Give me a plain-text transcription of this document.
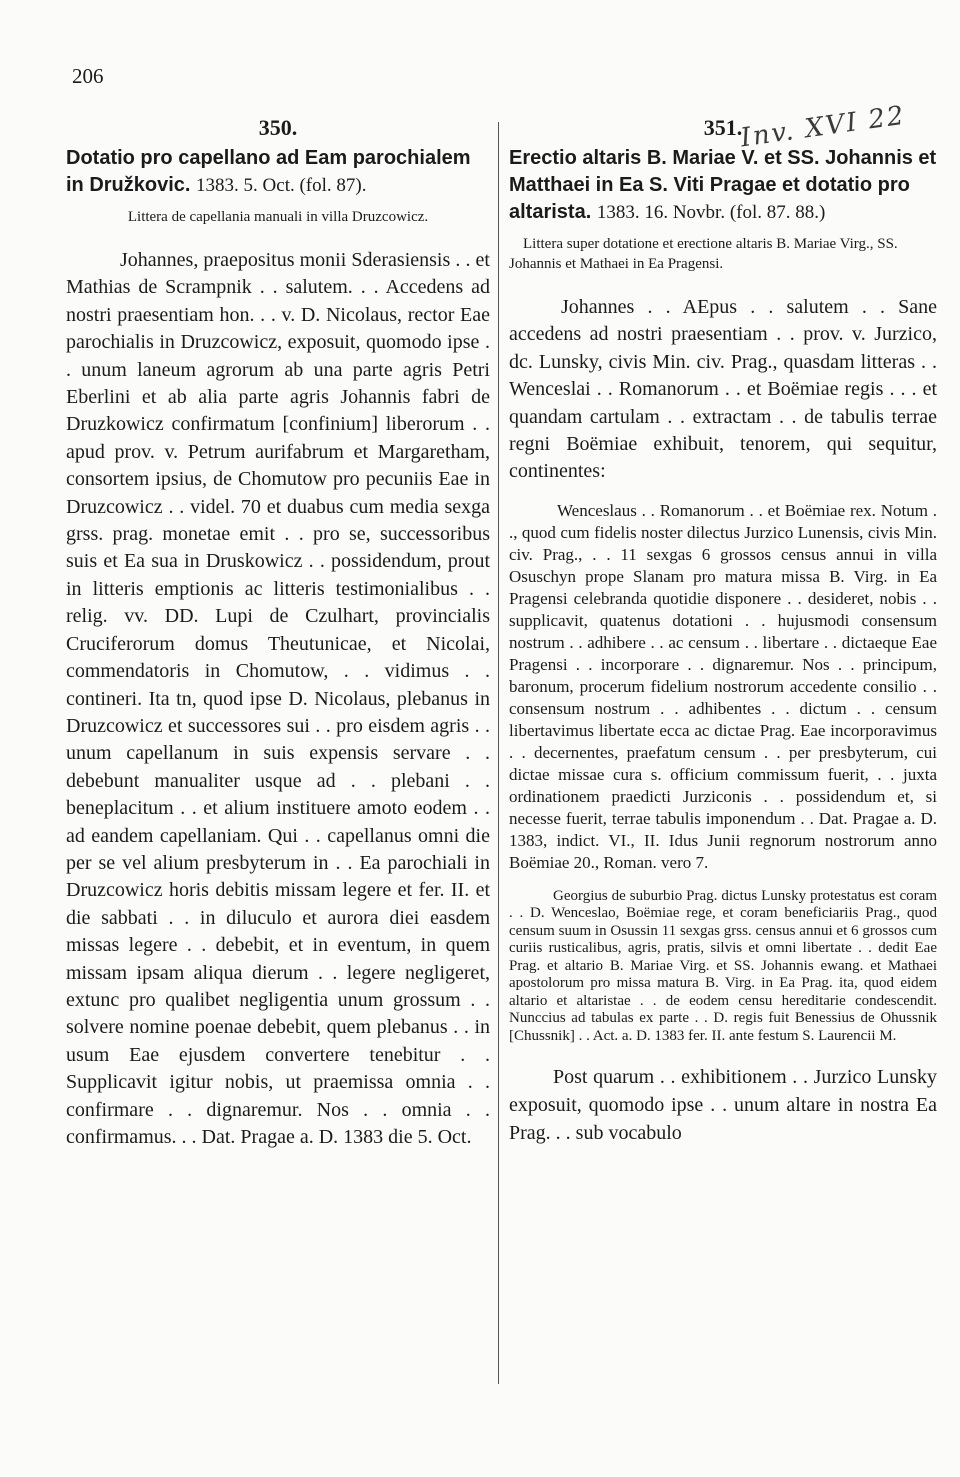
206
Inv. XVI 22
350.

Dotatio pro capellano ad Eam parochialem in Družkovic. 1383. 5. Oct. (fol. 87).

Littera de capellania manuali in villa Druzcowicz.

Johannes, praepositus monii Sderasiensis . . et Mathias de Scrampnik . . salutem. . . Accedens ad nostri praesentiam hon. . . v. D. Nicolaus, rector Eae parochialis in Druzcowicz, exposuit, quomodo ipse . . unum laneum agrorum ab una parte agris Petri Eberlini et ab alia parte agris Johannis fabri de Druzkowicz confirmatum [confinium] liberorum . . apud prov. v. Petrum aurifabrum et Margaretham, consortem ipsius, de Chomutow pro pecuniis Eae in Druzcowicz . . videl. 70 et duabus cum media sexga grss. prag. monetae emit . . pro se, successoribus suis et Ea sua in Druskowicz . . possidendum, prout in litteris emptionis ac litteris testimonialibus . . relig. vv. DD. Lupi de Czulhart, provincialis Cruciferorum domus Theutunicae, et Nicolai, commendatoris in Chomutow, . . vidimus . . contineri. Ita tn, quod ipse D. Nicolaus, plebanus in Druzcowicz et successores sui . . pro eisdem agris . . unum capellanum in suis expensis servare . . debebunt manualiter usque ad . . plebani . . beneplacitum . . et alium instituere amoto eodem . . ad eandem capellaniam. Qui . . capellanus omni die per se vel alium presbyterum in . . Ea parochiali in Druzcowicz horis debitis missam legere et fer. II. et die sabbati . . in diluculo et aurora diei easdem missas legere . . debebit, et in eventum, in quem missam ipsam aliqua dierum . . legere negligeret, extunc pro qualibet negligentia unum grossum . . solvere nomine poenae debebit, quem plebanus . . in usum Eae ejusdem convertere tenebitur . . Supplicavit igitur nobis, ut praemissa omnia . . confirmare . . dignaremur. Nos . . omnia . . confirmamus. . . Dat. Pragae a. D. 1383 die 5. Oct.

351.

Erectio altaris B. Mariae V. et SS. Johannis et Matthaei in Ea S. Viti Pragae et dotatio pro altarista. 1383. 16. Novbr. (fol. 87. 88.)

Littera super dotatione et erectione altaris B. Mariae Virg., SS. Johannis et Mathaei in Ea Pragensi.

Johannes . . AEpus . . salutem . . Sane accedens ad nostri praesentiam . . prov. v. Jurzico, dc. Lunsky, civis Min. civ. Prag., quasdam litteras . . Wenceslai . . Romanorum . . et Boëmiae regis . . . et quandam cartulam . . extractam . . de tabulis terrae regni Boëmiae exhibuit, tenorem, qui sequitur, continentes:

Wenceslaus . . Romanorum . . et Boëmiae rex. Notum . ., quod cum fidelis noster dilectus Jurzico Lunensis, civis Min. civ. Prag., . . 11 sexgas 6 grossos census annui in villa Osuschyn prope Slanam pro matura missa B. Virg. in Ea Pragensi celebranda quotidie disponere . . desideret, nobis . . supplicavit, quatenus dotationi . . hujusmodi consensum nostrum . . adhibere . . ac censum . . libertare . . dictaeque Eae Pragensi . . incorporare . . dignaremur. Nos . . principum, baronum, procerum fidelium nostrorum accedente consilio . . consensum nostrum . . adhibentes . . dictum . . censum libertavimus libertate ecca ac dictae Prag. Eae incorporavimus . . decernentes, praefatum censum . . per presbyterum, cui dictae missae cura s. officium commissum fuerit, . . juxta ordinationem praedicti Jurziconis . . possidendum et, si necesse fuerit, terrae tabulis imponendum . . Dat. Pragae a. D. 1383, indict. VI., II. Idus Junii regnorum nostrorum anno Boëmiae 20., Roman. vero 7.

Georgius de suburbio Prag. dictus Lunsky protestatus est coram . . D. Wenceslao, Boëmiae rege, et coram beneficiariis Prag., quod censum suum in Osussin 11 sexgas grss. census annui et 6 grossos cum curiis rusticalibus, agris, pratis, silvis et omni libertate . . dedit Eae Prag. et altario B. Mariae Virg. et SS. Johannis ewang. et Mathaei apostolorum pro missa matura B. Virg. in Ea Prag. ita, quod eidem altario et altaristae . . de eodem censu hereditarie condescendit. Nunccius ad tabulas ex parte . . D. regis fuit Benessius de Ohussnik [Chussnik] . . Act. a. D. 1383 fer. II. ante festum S. Laurencii M.

Post quarum . . exhibitionem . . Jurzico Lunsky exposuit, quomodo ipse . . unum altare in nostra Ea Prag. . . sub vocabulo
